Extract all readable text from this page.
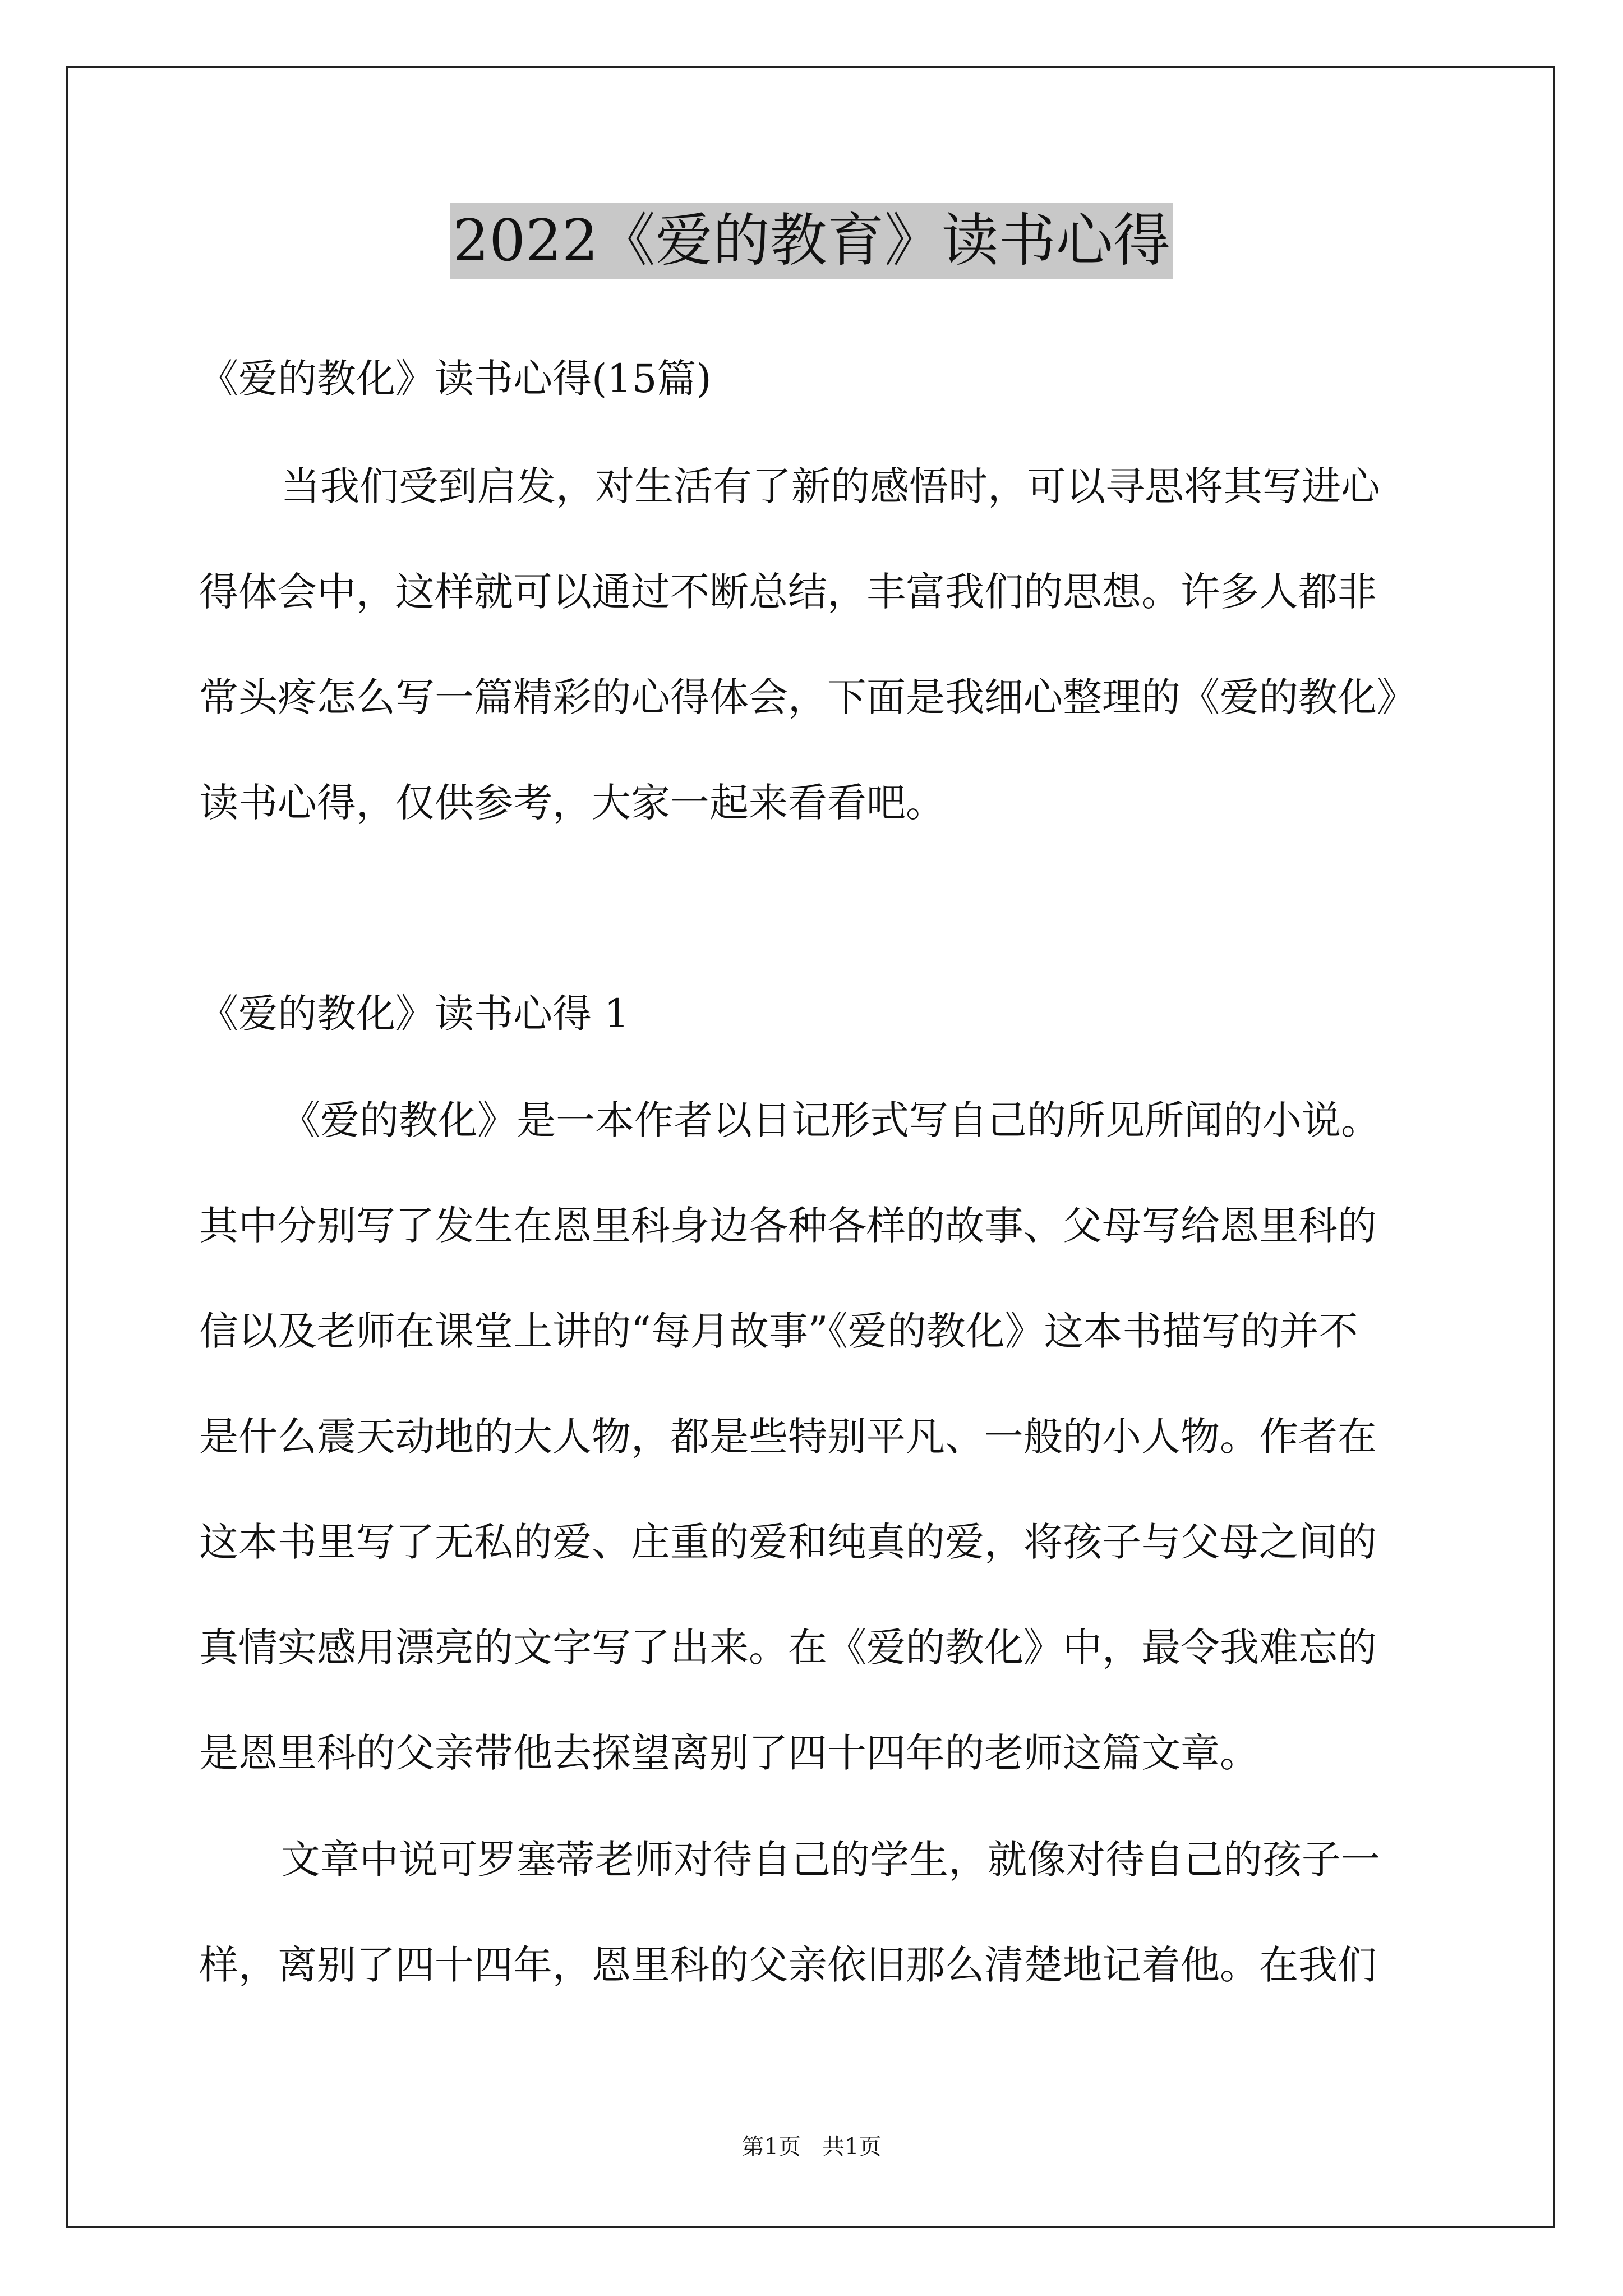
2022《爱的教育》读书心得
《爱的教化》读书心得(15篇)
当我们受到启发，对生活有了新的感悟时，可以寻思将其写进心
得体会中，这样就可以通过不断总结，丰富我们的思想。许多人都非
常头疼怎么写一篇精彩的心得体会，下面是我细心整理的《爱的教化》
读书心得，仅供参考，大家一起来看看吧。
《爱的教化》读书心得 1
《爱的教化》是一本作者以日记形式写自己的所见所闻的小说。
其中分别写了发生在恩里科身边各种各样的故事、父母写给恩里科的
信以及老师在课堂上讲的“每月故事”《爱的教化》这本书描写的并不
是什么震天动地的大人物，都是些特别平凡、一般的小人物。作者在
这本书里写了无私的爱、庄重的爱和纯真的爱，将孩子与父母之间的
真情实感用漂亮的文字写了出来。在《爱的教化》中，最令我难忘的
是恩里科的父亲带他去探望离别了四十四年的老师这篇文章。
文章中说可罗塞蒂老师对待自己的学生，就像对待自己的孩子一
样，离别了四十四年，恩里科的父亲依旧那么清楚地记着他。在我们
第1页   共1页
